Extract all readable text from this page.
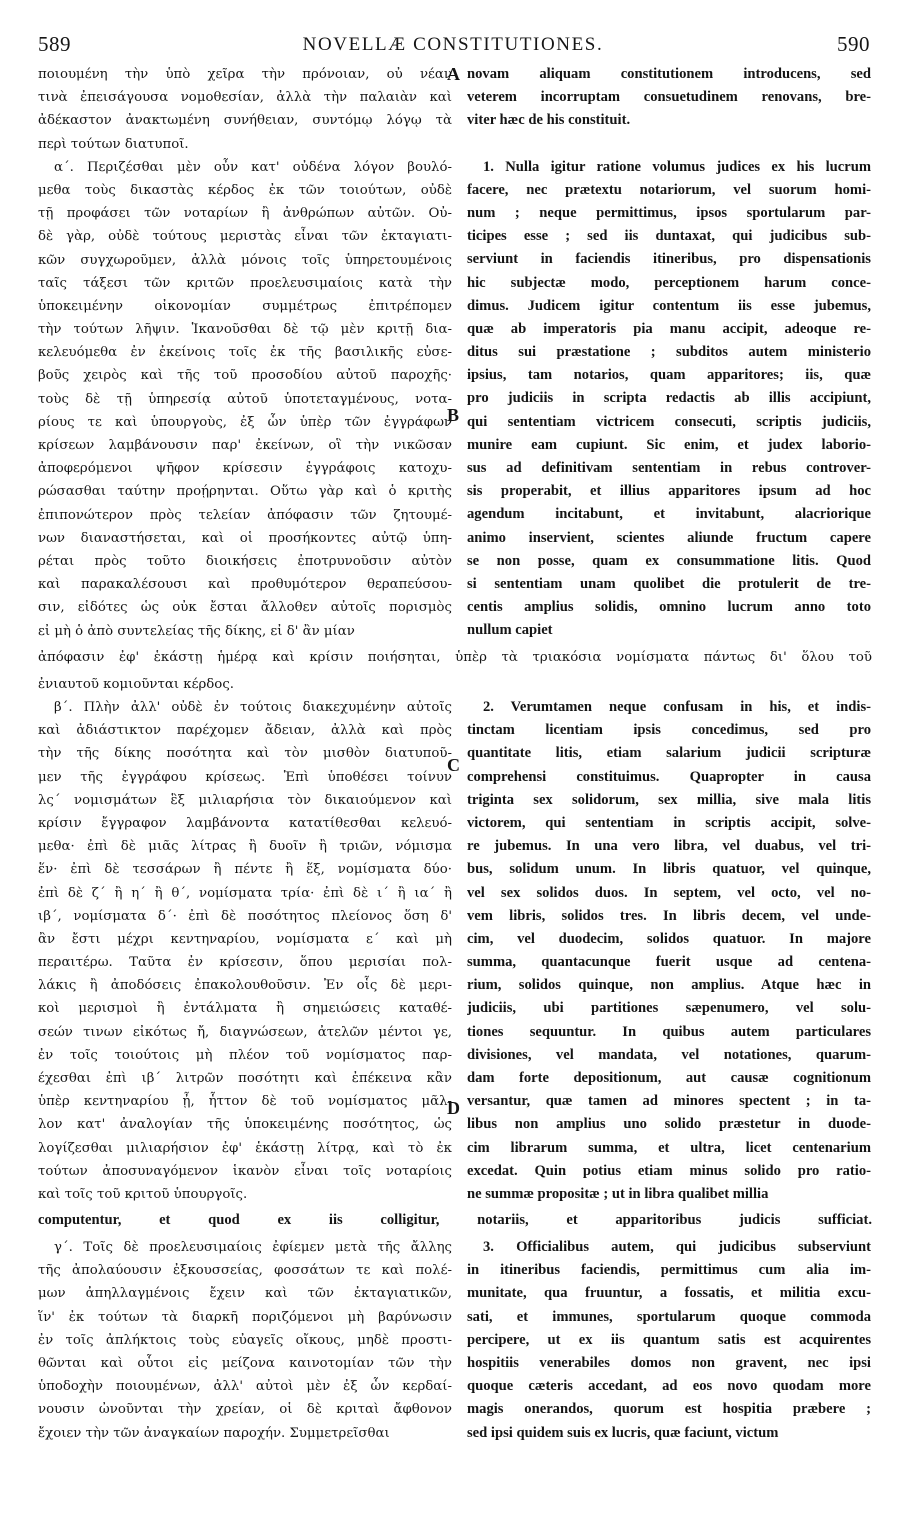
589	NOVELLÆ CONSTITUTIONES.	590
ποιουμένη τὴν ὑπὸ χεῖρα τὴν πρόνοιαν, οὐ νέαν
τινὰ ἐπεισάγουσα νομοθεσίαν, ἀλλὰ τὴν παλαιὰν καὶ
ἀδέκαστον ἀνακτωμένη συνήθειαν, συντόμῳ λόγῳ τὰ
περὶ τούτων διατυποῖ.
α΄. Περιζέσθαι μὲν οὖν κατ' οὐδένα λόγον βουλό-
μεθα τοὺς δικαστὰς κέρδος ἐκ τῶν τοιούτων, οὐδὲ
τῇ προφάσει τῶν νοταρίων ἢ ἀνθρώπων αὐτῶν. Οὐ-
δὲ γὰρ, οὐδὲ τούτους μεριστὰς εἶναι τῶν ἐκταγιατι-
κῶν συγχωροῦμεν, ἀλλὰ μόνοις τοῖς ὑπηρετουμένοις
ταῖς τάξεσι τῶν κριτῶν προελευσιμαίοις κατὰ τὴν
ὑποκειμένην οἰκονομίαν συμμέτρως ἐπιτρέπομεν
τὴν τούτων λῆψιν. Ἱκανοῦσθαι δὲ τῷ μὲν κριτῇ δια-
κελευόμεθα ἐν ἐκείνοις τοῖς ἐκ τῆς βασιλικῆς εὐσε-
βοῦς χειρὸς καὶ τῆς τοῦ προσοδίου αὐτοῦ παροχῆς·
τοὺς δὲ τῇ ὑπηρεσίᾳ αὐτοῦ ὑποτεταγμένους, νοτα-
ρίους τε καὶ ὑπουργοὺς, ἐξ ὧν ὑπὲρ τῶν ἐγγράφων
κρίσεων λαμβάνουσιν παρ' ἐκείνων, οἳ τὴν νικῶσαν
ἀποφερόμενοι ψῆφον κρίσεσιν ἐγγράφοις κατοχυ-
ρώσασθαι ταύτην προῄρηνται. Οὕτω γὰρ καὶ ὁ κριτὴς
ἐπιπονώτερον πρὸς τελείαν ἀπόφασιν τῶν ζητουμέ-
νων διαναστήσεται, καὶ οἱ προσήκοντες αὐτῷ ὑπη-
ρέται πρὸς τοῦτο διοικήσεις ἐποτρυνοῦσιν αὐτὸν
καὶ παρακαλέσουσι καὶ προθυμότερον θεραπεύσου-
σιν, εἰδότες ὡς οὐκ ἔσται ἄλλοθεν αὐτοῖς πορισμὸς
εἰ μὴ ὁ ἀπὸ συντελείας τῆς δίκης, εἰ δ' ἂν μίαν
novam aliquam constitutionem introducens, sed
veterem incorruptam consuetudinem renovans, bre-
viter hæc de his constituit.
1. Nulla igitur ratione volumus judices ex his lucrum
facere, nec prætextu notariorum, vel suorum homi-
num ; neque permittimus, ipsos sportularum par-
ticipes esse ; sed iis duntaxat, qui judicibus sub-
serviunt in faciendis itineribus, pro dispensationis
hic subjectæ modo, perceptionem harum conce-
dimus. Judicem igitur contentum iis esse jubemus,
quæ ab imperatoris pia manu accipit, adeoque re-
ditus sui præstatione ; subditos autem ministerio
ipsius, tam notarios, quam apparitores; iis, quæ
pro judiciis in scripta redactis ab illis accipiunt,
qui sententiam victricem consecuti, scriptis judiciis,
munire eam cupiunt. Sic enim, et judex laborio-
sus ad definitivam sententiam in rebus controver-
sis properabit, et illius apparitores ipsum ad hoc
agendum incitabunt, et invitabunt, alacriorique
animo inservient, scientes aliunde fructum capere
se non posse, quam ex consummatione litis. Quod
si sententiam unam quolibet die protulerit de tre-
centis amplius solidis, omnino lucrum anno toto
nullum capiet
ἀπόφασιν ἐφ' ἑκάστῃ ἡμέρᾳ καὶ κρίσιν ποιήσηται, ὑπὲρ τὰ τριακόσια νομίσματα πάντως δι' ὅλου τοῦ
ἐνιαυτοῦ κομιοῦνται κέρδος.
β΄. Πλὴν ἀλλ' οὐδὲ ἐν τούτοις διακεχυμένην αὐτοῖς
καὶ ἀδιάστικτον παρέχομεν ἄδειαν, ἀλλὰ καὶ πρὸς
τὴν τῆς δίκης ποσότητα καὶ τὸν μισθὸν διατυποῦ-
μεν τῆς ἐγγράφου κρίσεως. Ἐπὶ ὑποθέσει τοίνυν
λς΄ νομισμάτων ἓξ μιλιαρήσια τὸν δικαιούμενον καὶ
κρίσιν ἔγγραφον λαμβάνοντα κατατίθεσθαι κελευό-
μεθα· ἐπὶ δὲ μιᾶς λίτρας ἢ δυοῖν ἢ τριῶν, νόμισμα
ἕν· ἐπὶ δὲ τεσσάρων ἢ πέντε ἢ ἕξ, νομίσματα δύο·
ἐπὶ δὲ ζ΄ ἢ η΄ ἢ θ΄, νομίσματα τρία· ἐπὶ δὲ ι΄ ἢ ια΄ ἢ
ιβ΄, νομίσματα δ΄· ἐπὶ δὲ ποσότητος πλείονος ὅση δ'
ἂν ἔστι μέχρι κεντηναρίου, νομίσματα ε΄ καὶ μὴ
περαιτέρω. Ταῦτα ἐν κρίσεσιν, ὅπου μερισίαι πολ-
λάκις ἢ ἀποδόσεις ἐπακολουθοῦσιν. Ἐν οἷς δὲ μερι-
κοὶ μερισμοὶ ἢ ἐντάλματα ἢ σημειώσεις καταθέ-
σεών τινων εἰκότως ἤ, διαγνώσεων, ἀτελῶν μέντοι γε,
ἐν τοῖς τοιούτοις μὴ πλέον τοῦ νομίσματος παρ-
έχεσθαι ἐπὶ ιβ΄ λιτρῶν ποσότητι καὶ ἐπέκεινα κἂν
ὑπὲρ κεντηναρίου ᾖ, ἧττον δὲ τοῦ νομίσματος μᾶλ-
λον κατ' ἀναλογίαν τῆς ὑποκειμένης ποσότητος, ὡς
λογίζεσθαι μιλιαρήσιον ἐφ' ἑκάστῃ λίτρᾳ, καὶ τὸ ἐκ
τούτων ἀποσυναγόμενον ἱκανὸν εἶναι τοῖς νοταρίοις
καὶ τοῖς τοῦ κριτοῦ ὑπουργοῖς.
2. Verumtamen neque confusam in his, et indis-
tinctam licentiam ipsis concedimus, sed pro
quantitate litis, etiam salarium judicii scripturæ
comprehensi constituimus. Quapropter in causa
triginta sex solidorum, sex millia, sive mala litis
victorem, qui sententiam in scriptis accipit, solve-
re jubemus. In una vero libra, vel duabus, vel tri-
bus, solidum unum. In libris quatuor, vel quinque,
vel sex solidos duos. In septem, vel octo, vel no-
vem libris, solidos tres. In libris decem, vel unde-
cim, vel duodecim, solidos quatuor. In majore
summa, quantacunque fuerit usque ad centena-
rium, solidos quinque, non amplius. Atque hæc in
judiciis, ubi partitiones sæpenumero, vel solu-
tiones sequuntur. In quibus autem particulares
divisiones, vel mandata, vel notationes, quarum-
dam forte depositionum, aut causæ cognitionum
versantur, quæ tamen ad minores spectent ; in ta-
libus non amplius uno solido præstetur in duode-
cim librarum summa, et ultra, licet centenarium
excedat. Quin potius etiam minus solido pro ratio-
ne summæ propositæ ; ut in libra qualibet millia
computentur, et quod ex iis colligitur, notariis, et apparitoribus judicis sufficiat.
γ΄. Τοῖς δὲ προελευσιμαίοις ἐφίεμεν μετὰ τῆς ἄλλης
τῆς ἀπολαύουσιν ἐξκουσσείας, φοσσάτων τε καὶ πολέ-
μων ἀπηλλαγμένοις ἔχειν καὶ τῶν ἐκταγιατικῶν,
ἵν' ἐκ τούτων τὰ διαρκῆ ποριζόμενοι μὴ βαρύνωσιν
ἐν τοῖς ἀπλήκτοις τοὺς εὐαγεῖς οἴκους, μηδὲ προστι-
θῶνται καὶ οὗτοι εἰς μείζονα καινοτομίαν τῶν τὴν
ὑποδοχὴν ποιουμένων, ἀλλ' αὐτοὶ μὲν ἐξ ὧν κερδαί-
νουσιν ὠνοῦνται τὴν χρείαν, οἱ δὲ κριταὶ ἄφθονον
ἔχοιεν τὴν τῶν ἀναγκαίων παροχήν. Συμμετρεῖσθαι
3. Officialibus autem, qui judicibus subserviunt
in itineribus faciendis, permittimus cum alia im-
munitate, qua fruuntur, a fossatis, et militia excu-
sati, et immunes, sportularum quoque commoda
percipere, ut ex iis quantum satis est acquirentes
hospitiis venerabiles domos non gravent, nec ipsi
quoque cæteris accedant, ad eos novo quodam more
magis onerandos, quorum est hospitia præbere ;
sed ipsi quidem suis ex lucris, quæ faciunt, victum
A
B
C
D
